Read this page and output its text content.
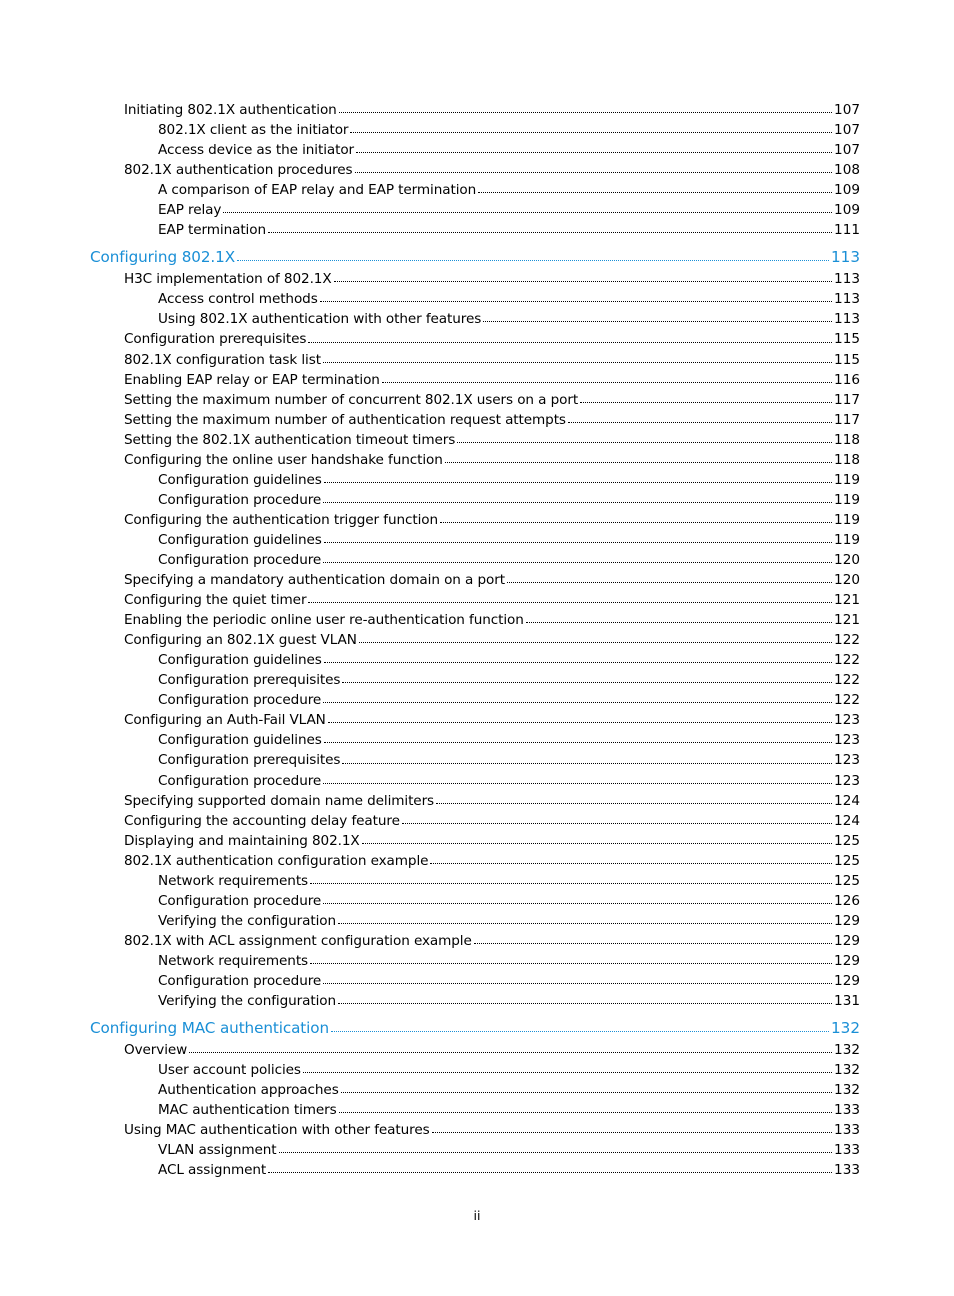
Initiating 802.1X authentication	107
802.1X client as the initiator	107
Access device as the initiator	107
802.1X authentication procedures	108
A comparison of EAP relay and EAP termination	109
EAP relay	109
EAP termination	111
Configuring 802.1X	113
H3C implementation of 802.1X	113
Access control methods	113
Using 802.1X authentication with other features	113
Configuration prerequisites	115
802.1X configuration task list	115
Enabling EAP relay or EAP termination	116
Setting the maximum number of concurrent 802.1X users on a port	117
Setting the maximum number of authentication request attempts	117
Setting the 802.1X authentication timeout timers	118
Configuring the online user handshake function	118
Configuration guidelines	119
Configuration procedure	119
Configuring the authentication trigger function	119
Configuration guidelines	119
Configuration procedure	120
Specifying a mandatory authentication domain on a port	120
Configuring the quiet timer	121
Enabling the periodic online user re-authentication function	121
Configuring an 802.1X guest VLAN	122
Configuration guidelines	122
Configuration prerequisites	122
Configuration procedure	122
Configuring an Auth-Fail VLAN	123
Configuration guidelines	123
Configuration prerequisites	123
Configuration procedure	123
Specifying supported domain name delimiters	124
Configuring the accounting delay feature	124
Displaying and maintaining 802.1X	125
802.1X authentication configuration example	125
Network requirements	125
Configuration procedure	126
Verifying the configuration	129
802.1X with ACL assignment configuration example	129
Network requirements	129
Configuration procedure	129
Verifying the configuration	131
Configuring MAC authentication	132
Overview	132
User account policies	132
Authentication approaches	132
MAC authentication timers	133
Using MAC authentication with other features	133
VLAN assignment	133
ACL assignment	133
ii
